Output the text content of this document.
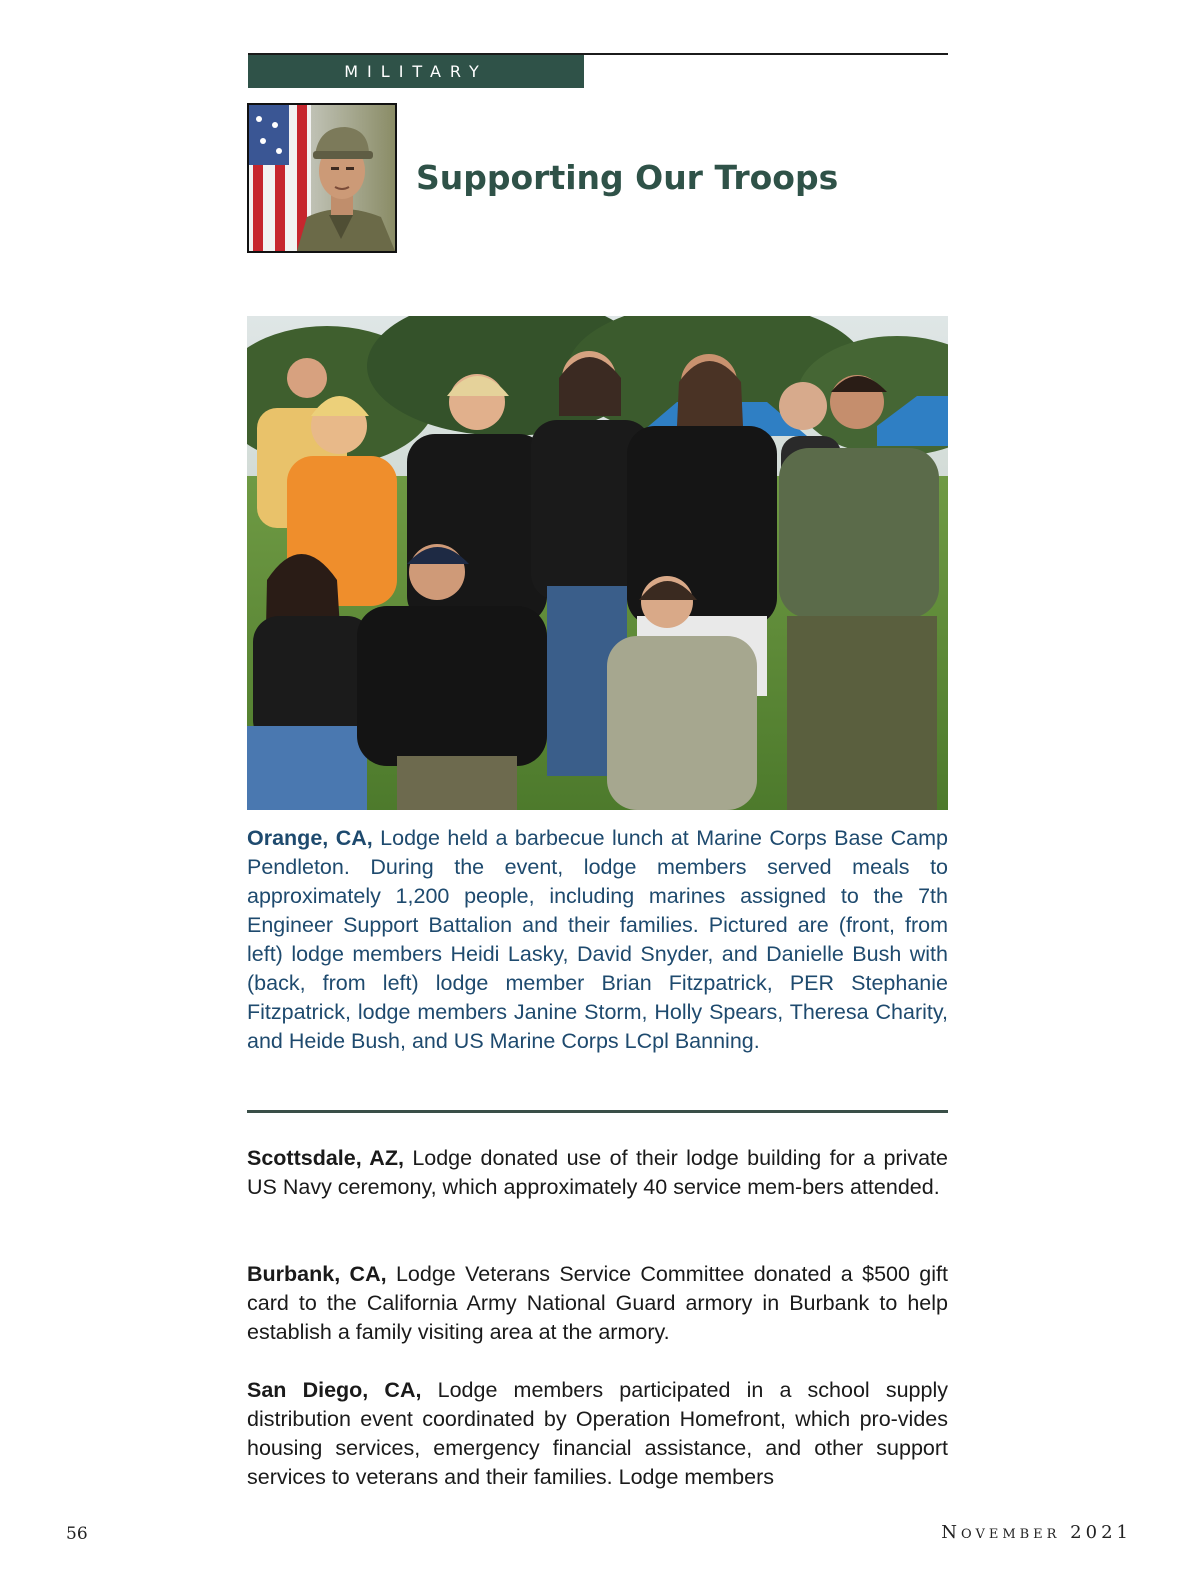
MILITARY
Supporting Our Troops

Orange, CA, Lodge held a barbecue lunch at Marine Corps Base Camp Pendleton. During the event, lodge members served meals to approximately 1,200 people, including marines assigned to the 7th Engineer Support Battalion and their families. Pictured are (front, from left) lodge members Heidi Lasky, David Snyder, and Danielle Bush with (back, from left) lodge member Brian Fitzpatrick, PER Stephanie Fitzpatrick, lodge members Janine Storm, Holly Spears, Theresa Charity, and Heide Bush, and US Marine Corps LCpl Banning.

Scottsdale, AZ, Lodge donated use of their lodge building for a private US Navy ceremony, which approximately 40 service mem-bers attended.

Burbank, CA, Lodge Veterans Service Committee donated a $500 gift card to the California Army National Guard armory in Burbank to help establish a family visiting area at the armory.

San Diego, CA, Lodge members participated in a school supply distribution event coordinated by Operation Homefront, which pro-vides housing services, emergency financial assistance, and other support services to veterans and their families. Lodge members

56	November 2021
